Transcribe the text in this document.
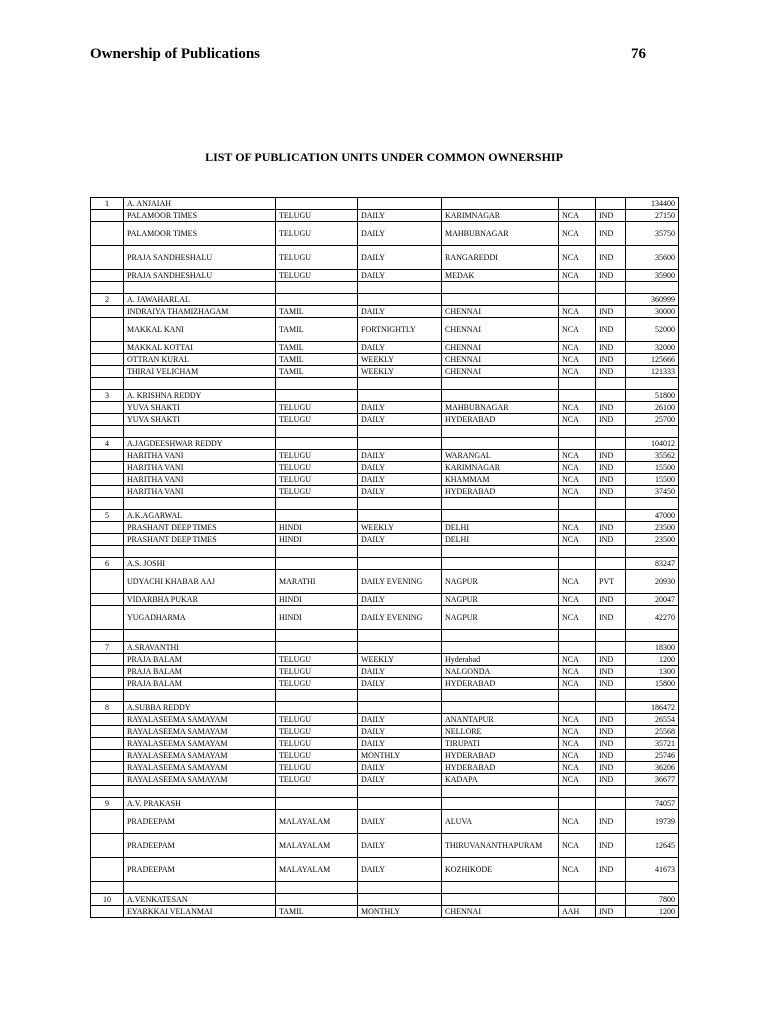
Ownership of Publications	76
LIST OF PUBLICATION UNITS UNDER COMMON OWNERSHIP
1	A. ANJAIAH						134400
	PALAMOOR TIMES	TELUGU	DAILY	KARIMNAGAR	NCA	IND	27150
	PALAMOOR TIMES	TELUGU	DAILY	MAHBUBNAGAR	NCA	IND	35750
	PRAJA SANDHESHALU	TELUGU	DAILY	RANGAREDDI	NCA	IND	35600
	PRAJA SANDHESHALU	TELUGU	DAILY	MEDAK	NCA	IND	35900

2	A. JAWAHARLAL						360999
	INDRAIYA THAMIZHAGAM	TAMIL	DAILY	CHENNAI	NCA	IND	30000
	MAKKAL KANI	TAMIL	FORTNIGHTLY	CHENNAI	NCA	IND	52000
	MAKKAL KOTTAI	TAMIL	DAILY	CHENNAI	NCA	IND	32000
	OTTRAN KURAL	TAMIL	WEEKLY	CHENNAI	NCA	IND	125666
	THIRAI VELICHAM	TAMIL	WEEKLY	CHENNAI	NCA	IND	121333

3	A. KRISHNA REDDY						51800
	YUVA SHAKTI	TELUGU	DAILY	MAHBUBNAGAR	NCA	IND	26100
	YUVA SHAKTI	TELUGU	DAILY	HYDERABAD	NCA	IND	25700

4	A.JAGDEESHWAR REDDY						104012
	HARITHA VANI	TELUGU	DAILY	WARANGAL	NCA	IND	35562
	HARITHA VANI	TELUGU	DAILY	KARIMNAGAR	NCA	IND	15500
	HARITHA VANI	TELUGU	DAILY	KHAMMAM	NCA	IND	15500
	HARITHA VANI	TELUGU	DAILY	HYDERABAD	NCA	IND	37450

5	A.K.AGARWAL						47000
	PRASHANT DEEP TIMES	HINDI	WEEKLY	DELHI	NCA	IND	23500
	PRASHANT DEEP TIMES	HINDI	DAILY	DELHI	NCA	IND	23500

6	A.S. JOSHI						83247
	UDYACHI KHABAR AAJ	MARATHI	DAILY EVENING	NAGPUR	NCA	PVT	20930
	VIDARBHA PUKAR	HINDI	DAILY	NAGPUR	NCA	IND	20047
	YUGADHARMA	HINDI	DAILY EVENING	NAGPUR	NCA	IND	42270

7	A.SRAVANTHI						18300
	PRAJA BALAM	TELUGU	WEEKLY	Hyderabad	NCA	IND	1200
	PRAJA BALAM	TELUGU	DAILY	NALGONDA	NCA	IND	1300
	PRAJA BALAM	TELUGU	DAILY	HYDERABAD	NCA	IND	15800

8	A.SUBBA REDDY						186472
	RAYALASEEMA SAMAYAM	TELUGU	DAILY	ANANTAPUR	NCA	IND	26554
	RAYALASEEMA SAMAYAM	TELUGU	DAILY	NELLORE	NCA	IND	25568
	RAYALASEEMA SAMAYAM	TELUGU	DAILY	TIRUPATI	NCA	IND	35721
	RAYALASEEMA SAMAYAM	TELUGU	MONTHLY	HYDERABAD	NCA	IND	25746
	RAYALASEEMA SAMAYAM	TELUGU	DAILY	HYDERABAD	NCA	IND	36206
	RAYALASEEMA SAMAYAM	TELUGU	DAILY	KADAPA	NCA	IND	36677

9	A.V. PRAKASH						74057
	PRADEEPAM	MALAYALAM	DAILY	ALUVA	NCA	IND	19739
	PRADEEPAM	MALAYALAM	DAILY	THIRUVANANTHAPURAM	NCA	IND	12645
	PRADEEPAM	MALAYALAM	DAILY	KOZHIKODE	NCA	IND	41673

10	A.VENKATESAN						7800
	EYARKKAI VELANMAI	TAMIL	MONTHLY	CHENNAI	AAH	IND	1200
